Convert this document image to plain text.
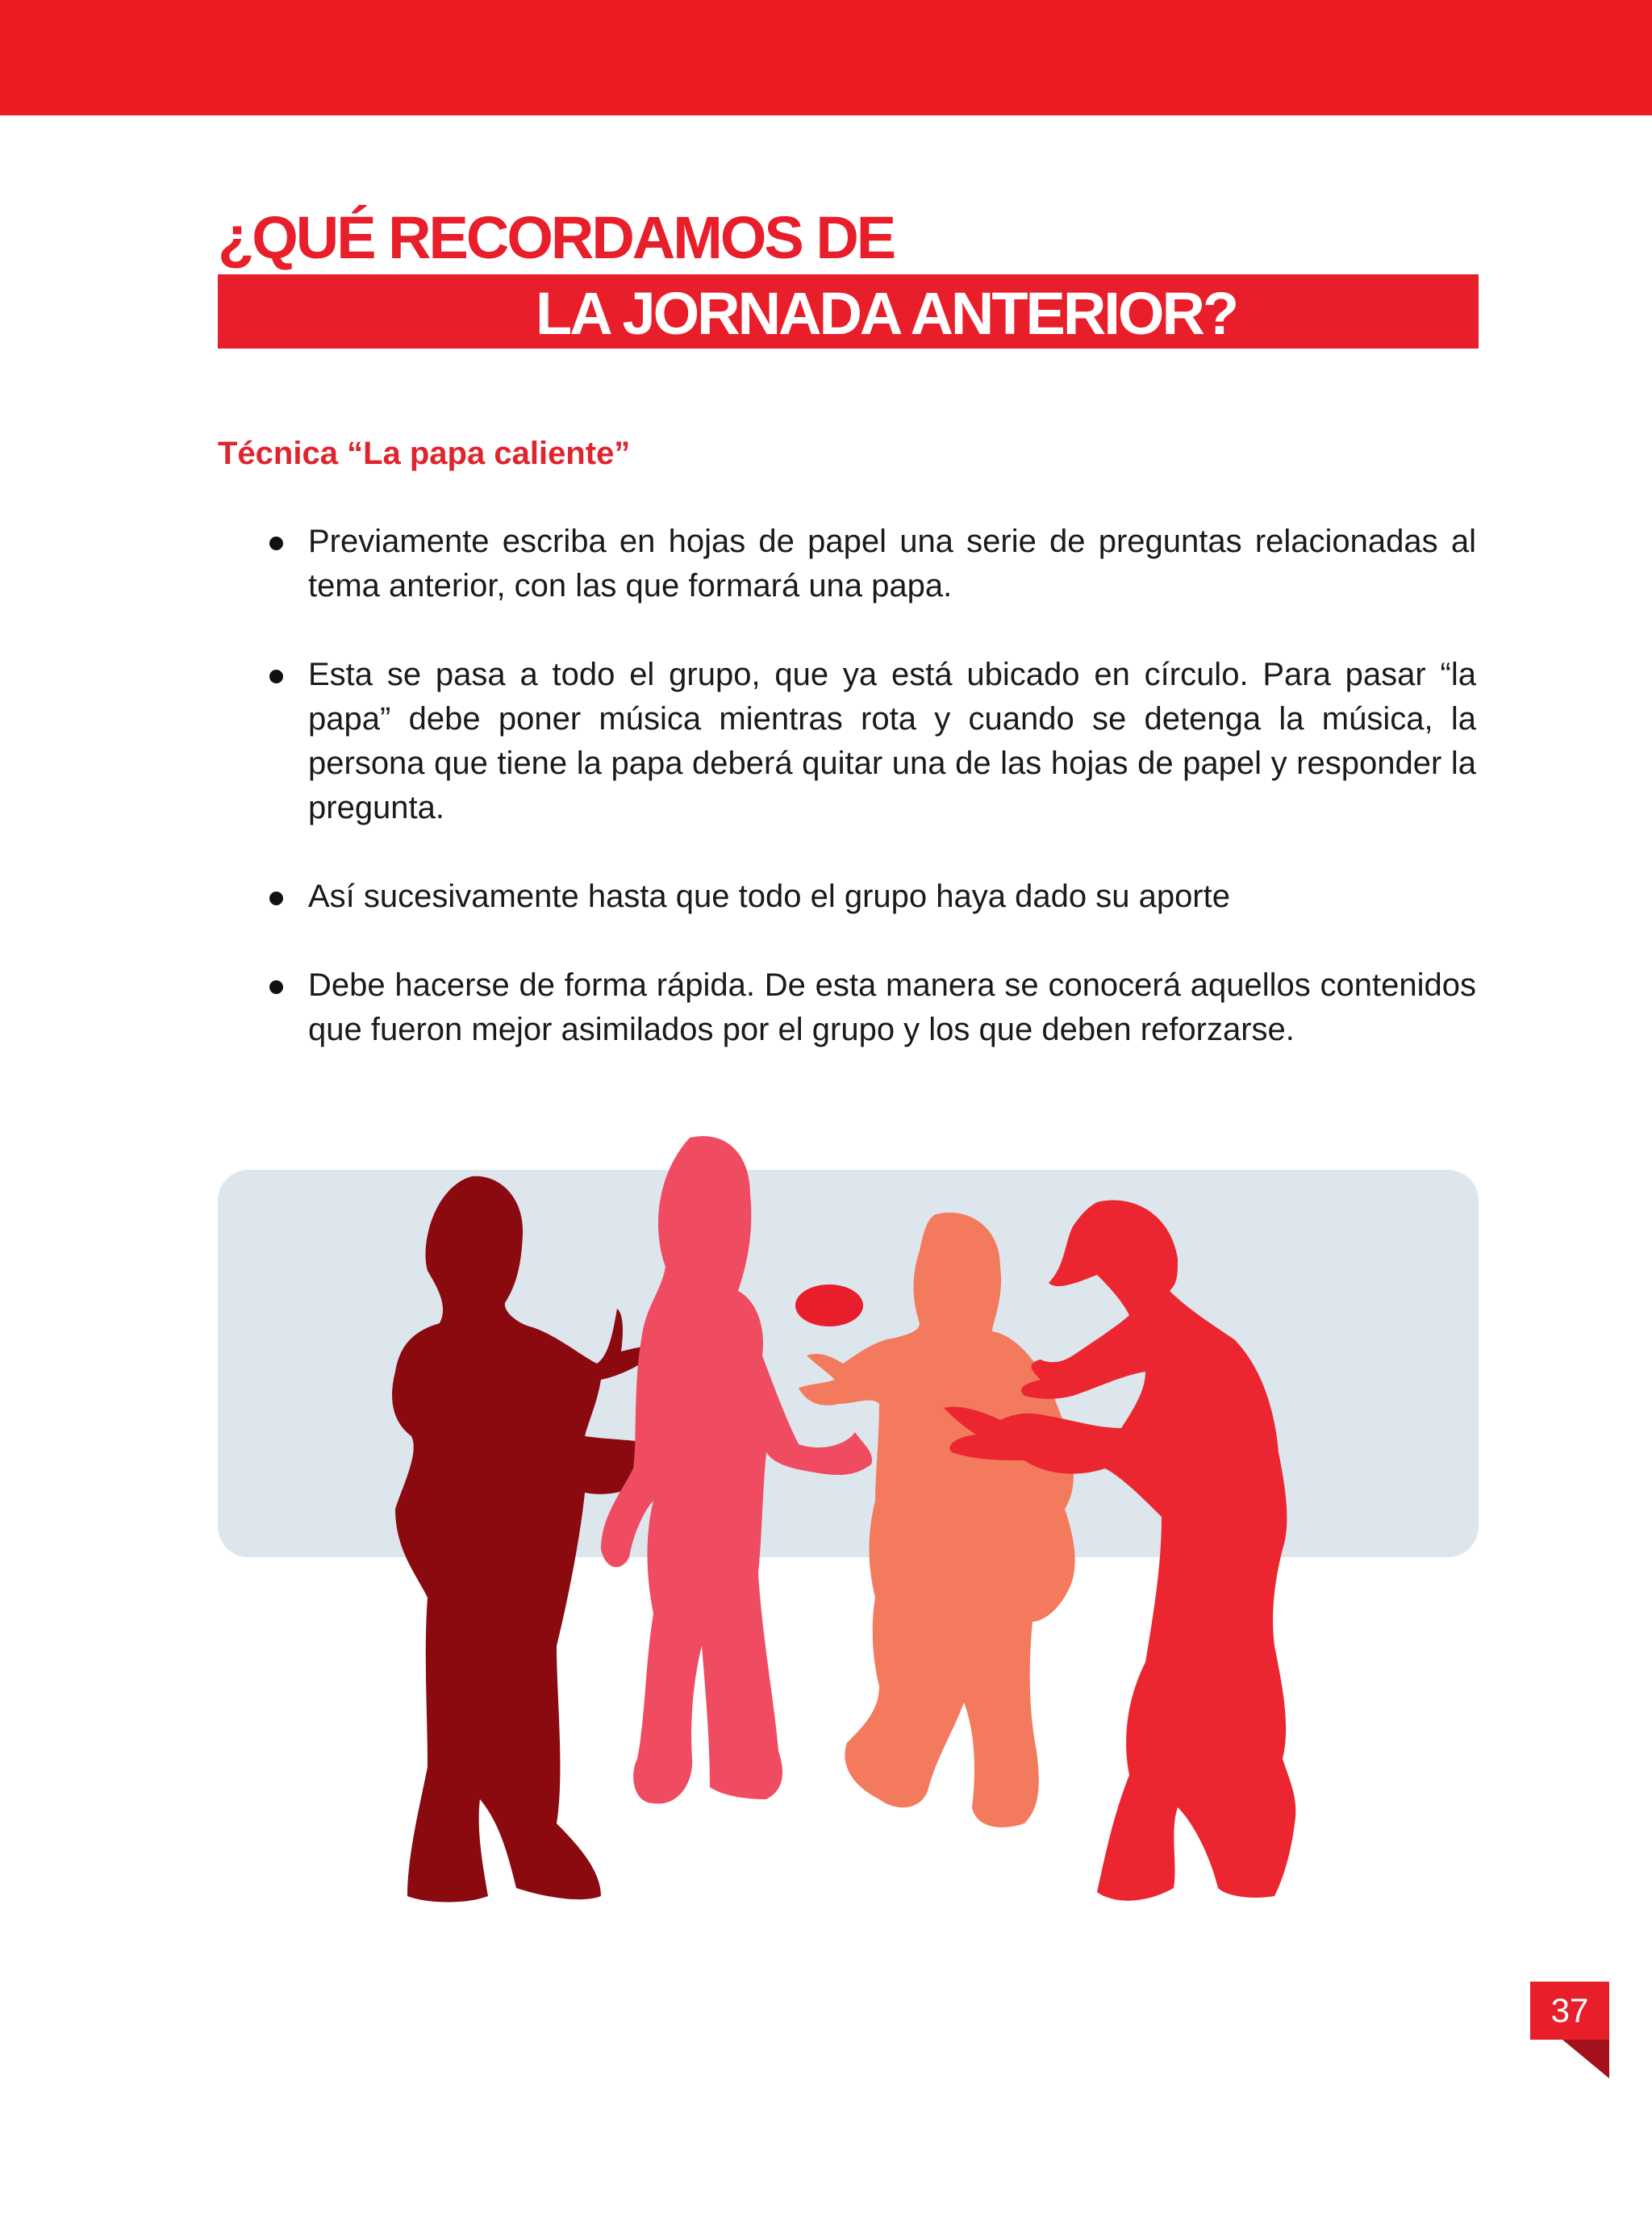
¿QUÉ RECORDAMOS DE
LA JORNADA ANTERIOR?
Técnica “La papa caliente”
Previamente escriba en hojas de papel una serie de preguntas relacionadas al tema anterior, con las que formará una papa.
Esta se pasa a todo el grupo, que ya está ubicado en círculo. Para pasar “la papa” debe poner música mientras rota y cuando se detenga la música, la persona que tiene la papa deberá quitar una de las hojas de papel y responder la pregunta.
Así sucesivamente hasta que todo el grupo haya dado su aporte
Debe hacerse de forma rápida. De esta manera se conocerá aquellos contenidos que fueron mejor asimilados por el grupo y los que deben reforzarse.
37
